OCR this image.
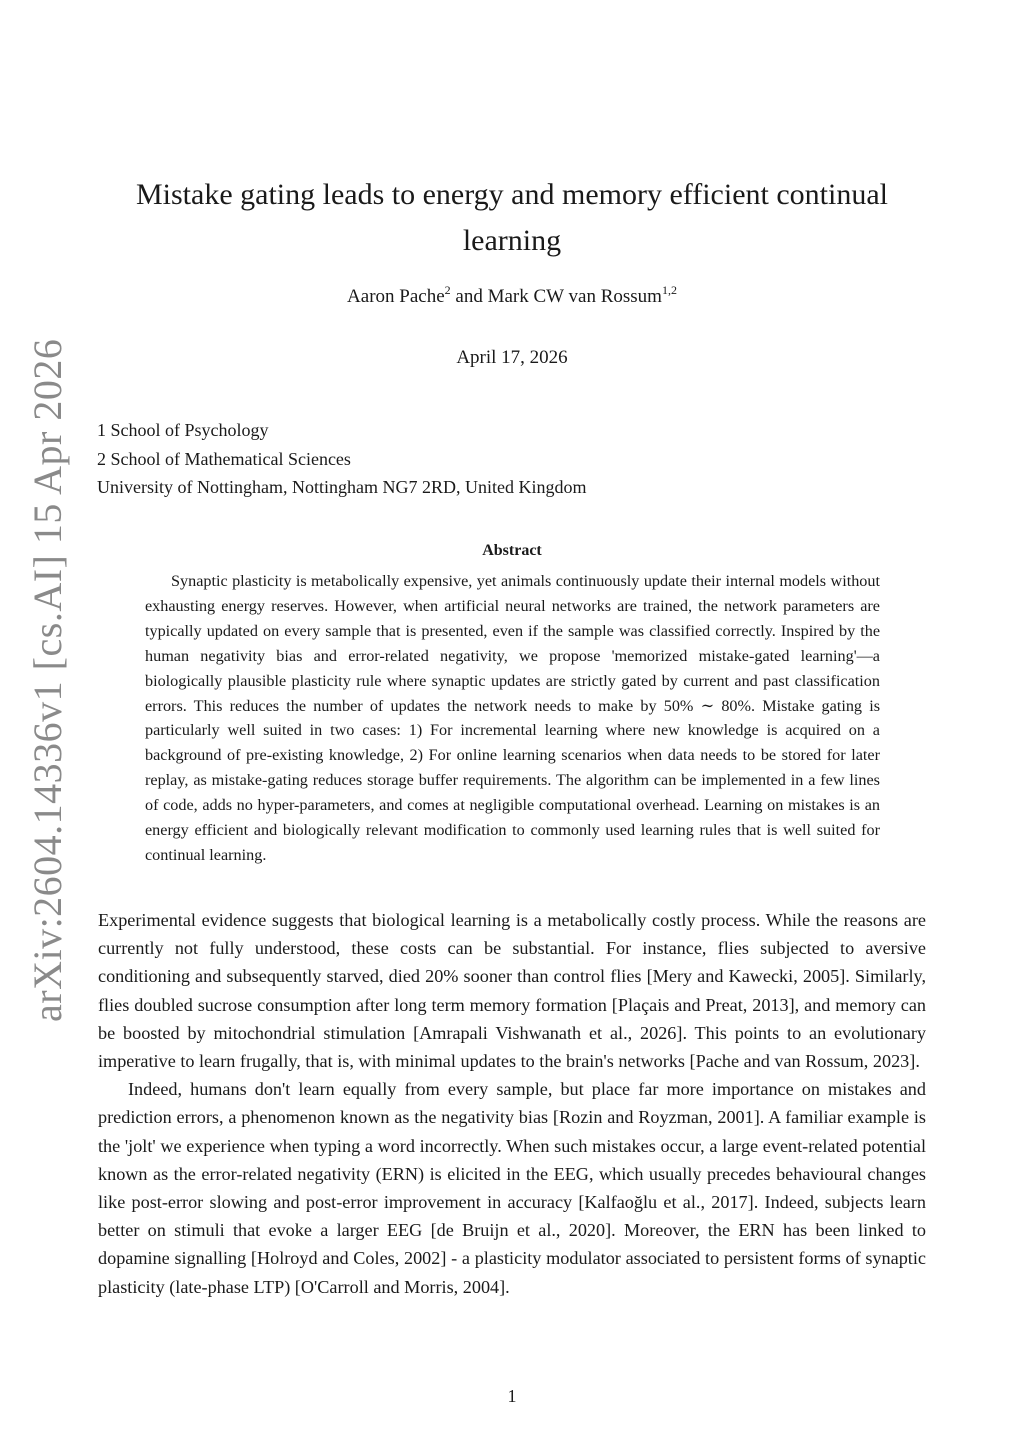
arXiv:2604.14336v1 [cs.AI] 15 Apr 2026
Mistake gating leads to energy and memory efficient continual learning
Aaron Pache$^2$ and Mark CW van Rossum$^{1,2}$
April 17, 2026
1 School of Psychology
2 School of Mathematical Sciences
University of Nottingham, Nottingham NG7 2RD, United Kingdom
Abstract

Synaptic plasticity is metabolically expensive, yet animals continuously update their internal models without exhausting energy reserves. However, when artificial neural networks are trained, the network parameters are typically updated on every sample that is presented, even if the sample was classified correctly. Inspired by the human negativity bias and error-related negativity, we propose 'memorized mistake-gated learning'—a biologically plausible plasticity rule where synaptic updates are strictly gated by current and past classification errors. This reduces the number of updates the network needs to make by 50% ∼ 80%. Mistake gating is particularly well suited in two cases: 1) For incremental learning where new knowledge is acquired on a background of pre-existing knowledge, 2) For online learning scenarios when data needs to be stored for later replay, as mistake-gating reduces storage buffer requirements. The algorithm can be implemented in a few lines of code, adds no hyper-parameters, and comes at negligible computational overhead. Learning on mistakes is an energy efficient and biologically relevant modification to commonly used learning rules that is well suited for continual learning.

Experimental evidence suggests that biological learning is a metabolically costly process. While the reasons are currently not fully understood, these costs can be substantial. For instance, flies subjected to aversive conditioning and subsequently starved, died 20% sooner than control flies [Mery and Kawecki, 2005]. Similarly, flies doubled sucrose consumption after long term memory formation [Plaçais and Preat, 2013], and memory can be boosted by mitochondrial stimulation [Amrapali Vishwanath et al., 2026]. This points to an evolutionary imperative to learn frugally, that is, with minimal updates to the brain's networks [Pache and van Rossum, 2023].

Indeed, humans don't learn equally from every sample, but place far more importance on mistakes and prediction errors, a phenomenon known as the negativity bias [Rozin and Royzman, 2001]. A familiar example is the 'jolt' we experience when typing a word incorrectly. When such mistakes occur, a large event-related potential known as the error-related negativity (ERN) is elicited in the EEG, which usually precedes behavioural changes like post-error slowing and post-error improvement in accuracy [Kalfaoğlu et al., 2017]. Indeed, subjects learn better on stimuli that evoke a larger EEG [de Bruijn et al., 2020]. Moreover, the ERN has been linked to dopamine signalling [Holroyd and Coles, 2002] - a plasticity modulator associated to persistent forms of synaptic plasticity (late-phase LTP) [O'Carroll and Morris, 2004].

1
